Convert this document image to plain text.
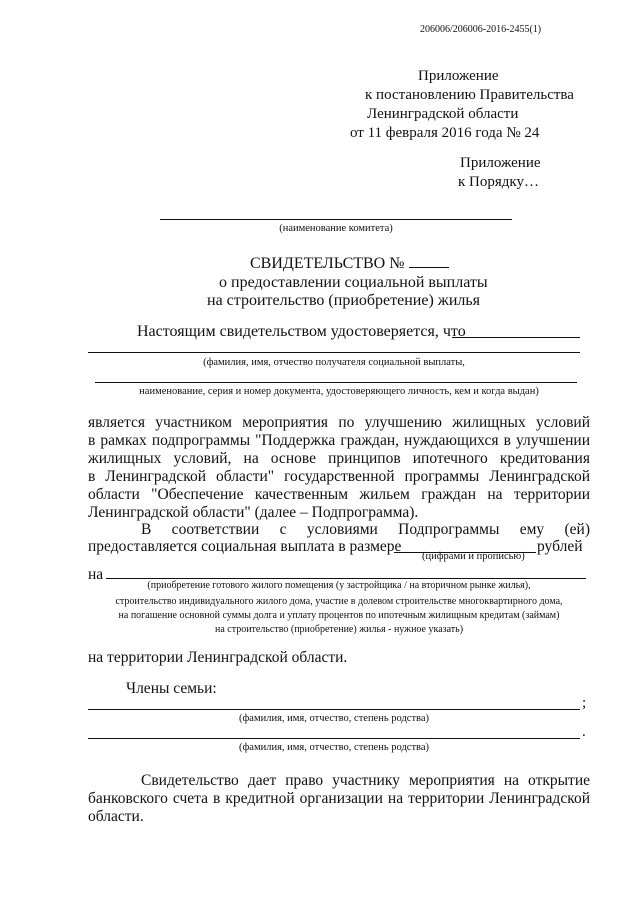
206006/206006-2016-2455(1)
Приложение
к постановлению Правительства
Ленинградской области
от 11 февраля 2016 года № 24
Приложение
к Порядку…
(наименование комитета)
СВИДЕТЕЛЬСТВО №
о предоставлении социальной выплаты
на строительство (приобретение) жилья
Настоящим свидетельством удостоверяется, что
(фамилия, имя, отчество получателя социальной выплаты,
наименование, серия и номер документа, удостоверяющего личность, кем и когда выдан)
является участником мероприятия по улучшению жилищных условий
в рамках подпрограммы "Поддержка граждан, нуждающихся в улучшении
жилищных условий, на основе принципов ипотечного кредитования
в Ленинградской области" государственной программы Ленинградской
области "Обеспечение качественным жильем граждан на территории
Ленинградской области" (далее – Подпрограмма).
В соответствии с условиями Подпрограммы ему (ей)
предоставляется социальная выплата в размере	рублей
(цифрами и прописью)
на
(приобретение готового жилого помещения (у застройщика / на вторичном рынке жилья),
строительство индивидуального жилого дома, участие в долевом строительстве многоквартирного дома,
на погашение основной суммы долга и уплату процентов по ипотечным жилищным кредитам (займам)
на строительство (приобретение) жилья - нужное указать)
на территории Ленинградской области.
Члены семьи:
;
(фамилия, имя, отчество, степень родства)
.
(фамилия, имя, отчество, степень родства)
Свидетельство дает право участнику мероприятия на открытие
банковского счета в кредитной организации на территории Ленинградской
области.
